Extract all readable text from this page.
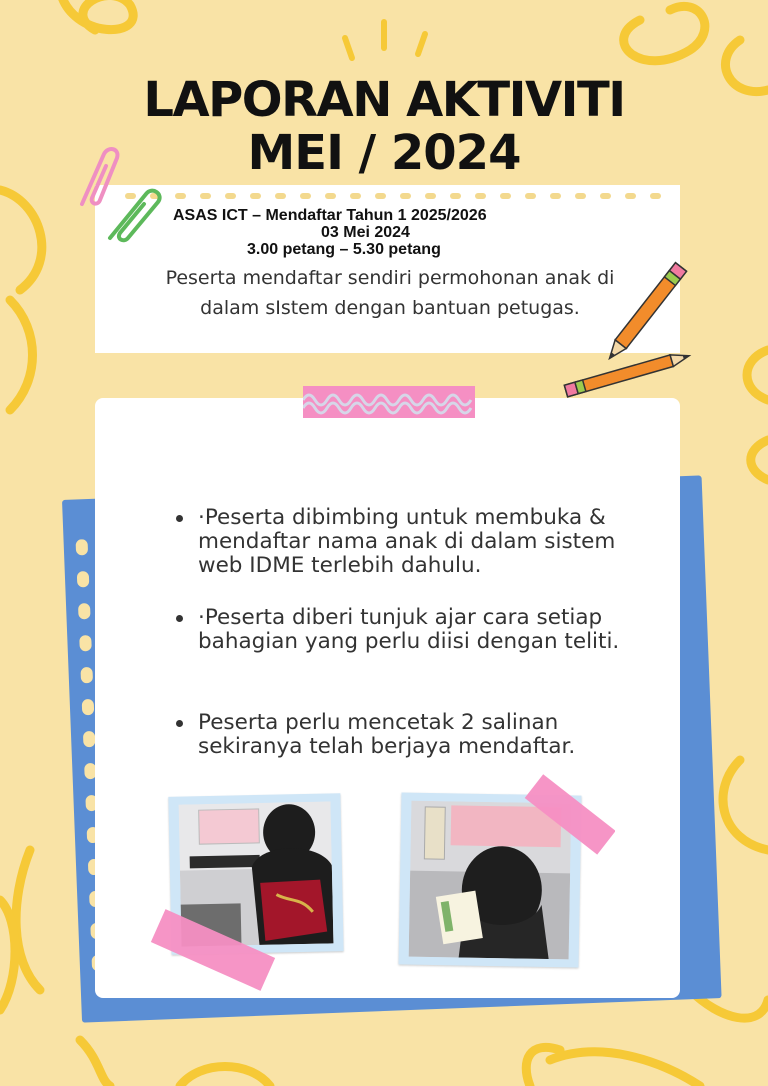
LAPORAN AKTIVITI
MEI / 2024
ASAS ICT – Mendaftar Tahun 1 2025/2026
03 Mei 2024
3.00 petang – 5.30 petang

Peserta mendaftar sendiri permohonan anak di dalam sIstem dengan bantuan petugas.

·Peserta dibimbing untuk membuka & mendaftar nama anak di dalam sistem web IDME terlebih dahulu.
·Peserta diberi tunjuk ajar cara setiap bahagian yang perlu diisi dengan teliti.
Peserta perlu mencetak 2 salinan sekiranya telah berjaya mendaftar.
